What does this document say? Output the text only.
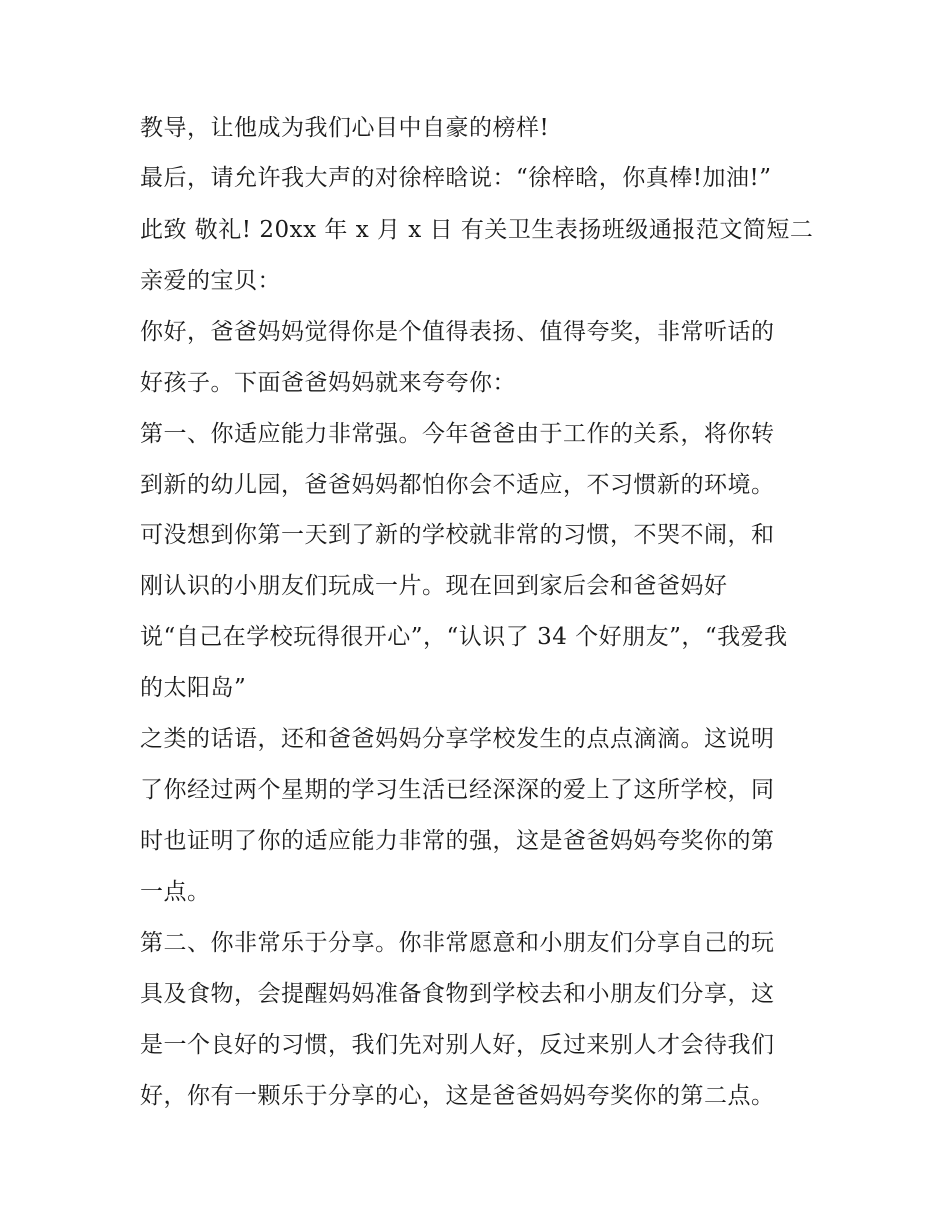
教导，让他成为我们心目中自豪的榜样!
最后，请允许我大声的对徐梓晗说：“徐梓晗，你真棒!加油!”
此致 敬礼! 20xx 年 x 月 x 日 有关卫生表扬班级通报范文简短二
亲爱的宝贝：
你好，爸爸妈妈觉得你是个值得表扬、值得夸奖，非常听话的
好孩子。下面爸爸妈妈就来夸夸你：
第一、你适应能力非常强。今年爸爸由于工作的关系，将你转
到新的幼儿园，爸爸妈妈都怕你会不适应，不习惯新的环境。
可没想到你第一天到了新的学校就非常的习惯，不哭不闹，和
刚认识的小朋友们玩成一片。现在回到家后会和爸爸妈好
说“自己在学校玩得很开心”，“认识了 34 个好朋友”，“我爱我
的太阳岛”
之类的话语，还和爸爸妈妈分享学校发生的点点滴滴。这说明
了你经过两个星期的学习生活已经深深的爱上了这所学校，同
时也证明了你的适应能力非常的强，这是爸爸妈妈夸奖你的第
一点。
第二、你非常乐于分享。你非常愿意和小朋友们分享自己的玩
具及食物，会提醒妈妈准备食物到学校去和小朋友们分享，这
是一个良好的习惯，我们先对别人好，反过来别人才会待我们
好，你有一颗乐于分享的心，这是爸爸妈妈夸奖你的第二点。
